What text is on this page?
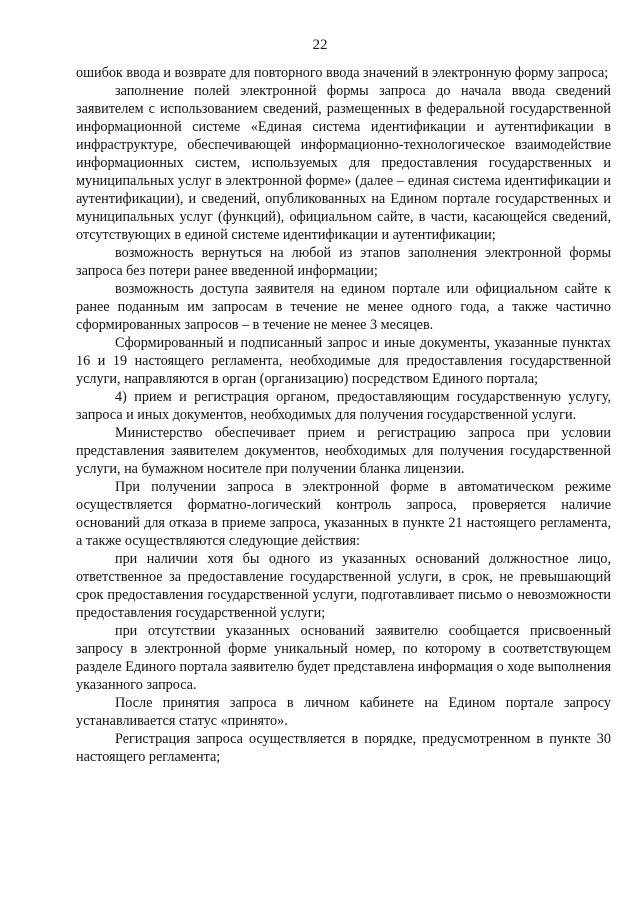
22

ошибок ввода и возврате для повторного ввода значений в электронную форму запроса;

заполнение полей электронной формы запроса до начала ввода сведений заявителем с использованием сведений, размещенных в федеральной государственной информационной системе «Единая система идентификации и аутентификации в инфраструктуре, обеспечивающей информационно-технологическое взаимодействие информационных систем, используемых для предоставления государственных и муниципальных услуг в электронной форме» (далее – единая система идентификации и аутентификации), и сведений, опубликованных на Едином портале государственных и муниципальных услуг (функций), официальном сайте, в части, касающейся сведений, отсутствующих в единой системе идентификации и аутентификации;

возможность вернуться на любой из этапов заполнения электронной формы запроса без потери ранее введенной информации;

возможность доступа заявителя на едином портале или официальном сайте к ранее поданным им запросам в течение не менее одного года, а также частично сформированных запросов – в течение не менее 3 месяцев.

Сформированный и подписанный запрос и иные документы, указанные пунктах 16 и 19 настоящего регламента, необходимые для предоставления государственной услуги, направляются в орган (организацию) посредством Единого портала;

4) прием и регистрация органом, предоставляющим государственную услугу, запроса и иных документов, необходимых для получения государственной услуги.

Министерство обеспечивает прием и регистрацию запроса при условии представления заявителем документов, необходимых для получения государственной услуги, на бумажном носителе при получении бланка лицензии.

При получении запроса в электронной форме в автоматическом режиме осуществляется форматно-логический контроль запроса, проверяется наличие оснований для отказа в приеме запроса, указанных в пункте 21 настоящего регламента, а также осуществляются следующие действия:

при наличии хотя бы одного из указанных оснований должностное лицо, ответственное за предоставление государственной услуги, в срок, не превышающий срок предоставления государственной услуги, подготавливает письмо о невозможности предоставления государственной услуги;

при отсутствии указанных оснований заявителю сообщается присвоенный запросу в электронной форме уникальный номер, по которому в соответствующем разделе Единого портала заявителю будет представлена информация о ходе выполнения указанного запроса.

После принятия запроса в личном кабинете на Едином портале запросу устанавливается статус «принято».

Регистрация запроса осуществляется в порядке, предусмотренном в пункте 30 настоящего регламента;
